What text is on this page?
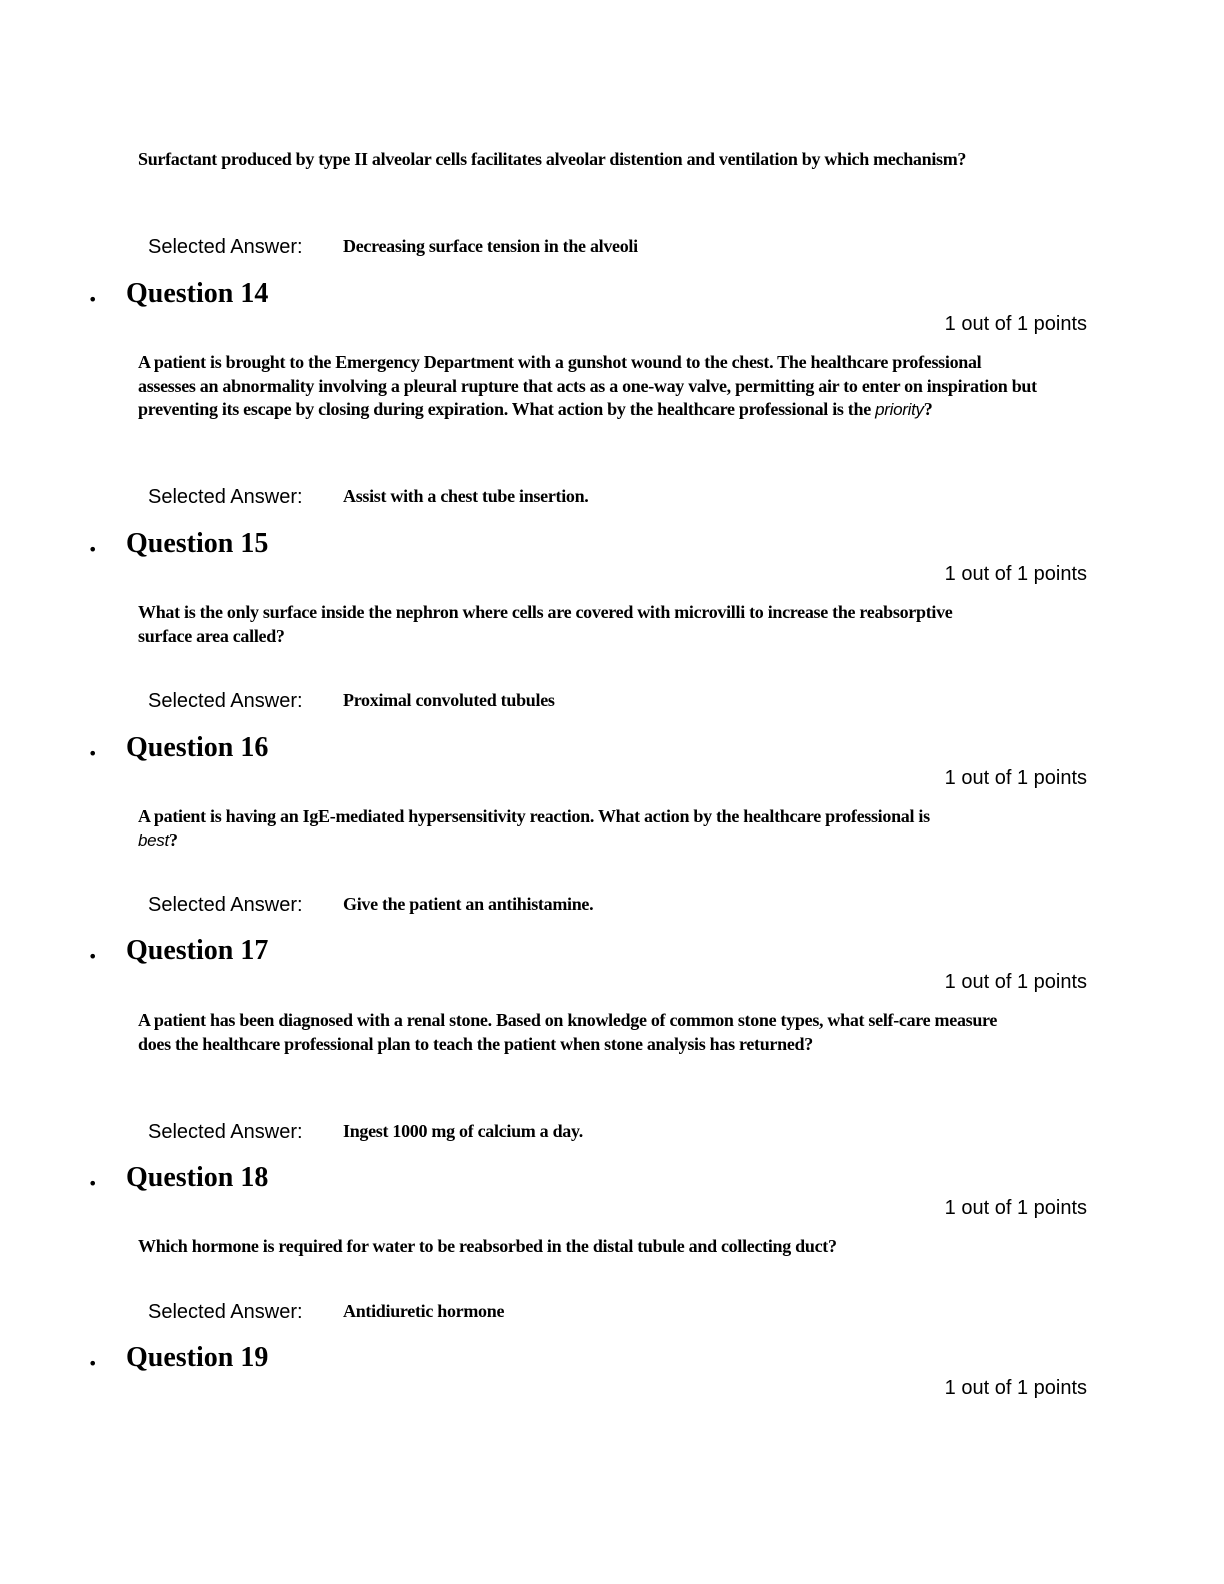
Surfactant produced by type II alveolar cells facilitates alveolar distention and ventilation by which mechanism?
Selected Answer: Decreasing surface tension in the alveoli
• Question 14
1 out of 1 points
A patient is brought to the Emergency Department with a gunshot wound to the chest. The healthcare professional assesses an abnormality involving a pleural rupture that acts as a one-way valve, permitting air to enter on inspiration but preventing its escape by closing during expiration. What action by the healthcare professional is the priority?
Selected Answer: Assist with a chest tube insertion.
• Question 15
1 out of 1 points
What is the only surface inside the nephron where cells are covered with microvilli to increase the reabsorptive surface area called?
Selected Answer: Proximal convoluted tubules
• Question 16
1 out of 1 points
A patient is having an IgE-mediated hypersensitivity reaction. What action by the healthcare professional is best?
Selected Answer: Give the patient an antihistamine.
• Question 17
1 out of 1 points
A patient has been diagnosed with a renal stone. Based on knowledge of common stone types, what self-care measure does the healthcare professional plan to teach the patient when stone analysis has returned?
Selected Answer: Ingest 1000 mg of calcium a day.
• Question 18
1 out of 1 points
Which hormone is required for water to be reabsorbed in the distal tubule and collecting duct?
Selected Answer: Antidiuretic hormone
• Question 19
1 out of 1 points
